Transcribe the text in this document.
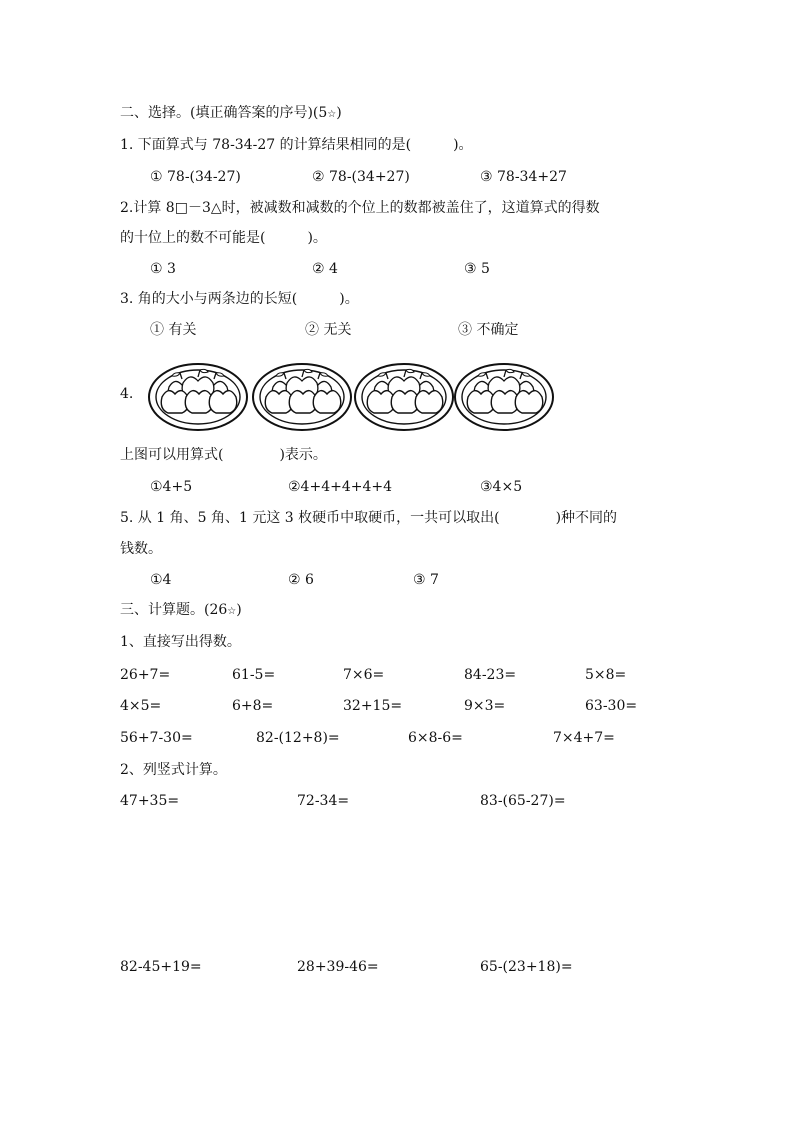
二、选择。(填正确答案的序号)(5☆)
1. 下面算式与 78-34-27 的计算结果相同的是(　　　)。
① 78-(34-27)	② 78-(34+27)	③ 78-34+27
2.计算 8□－3△时，被减数和减数的个位上的数都被盖住了，这道算式的得数
的十位上的数不可能是(　　　)。
① 3	② 4	③ 5
3. 角的大小与两条边的长短(　　　)。
① 有关	② 无关	③ 不确定
4.
上图可以用算式(　　　　)表示。
①4+5	②4+4+4+4+4	③4×5
5. 从 1 角、5 角、1 元这 3 枚硬币中取硬币，一共可以取出(　　　　)种不同的
钱数。
①4	② 6	③ 7
三、计算题。(26☆)
1、直接写出得数。
26+7=	61-5=	7×6=	84-23=	5×8=
4×5=	6+8=	32+15=	9×3=	63-30=
56+7-30=	82-(12+8)=	6×8-6=	7×4+7=
2、列竖式计算。
47+35=	72-34=	83-(65-27)=
82-45+19=	28+39-46=	65-(23+18)=
